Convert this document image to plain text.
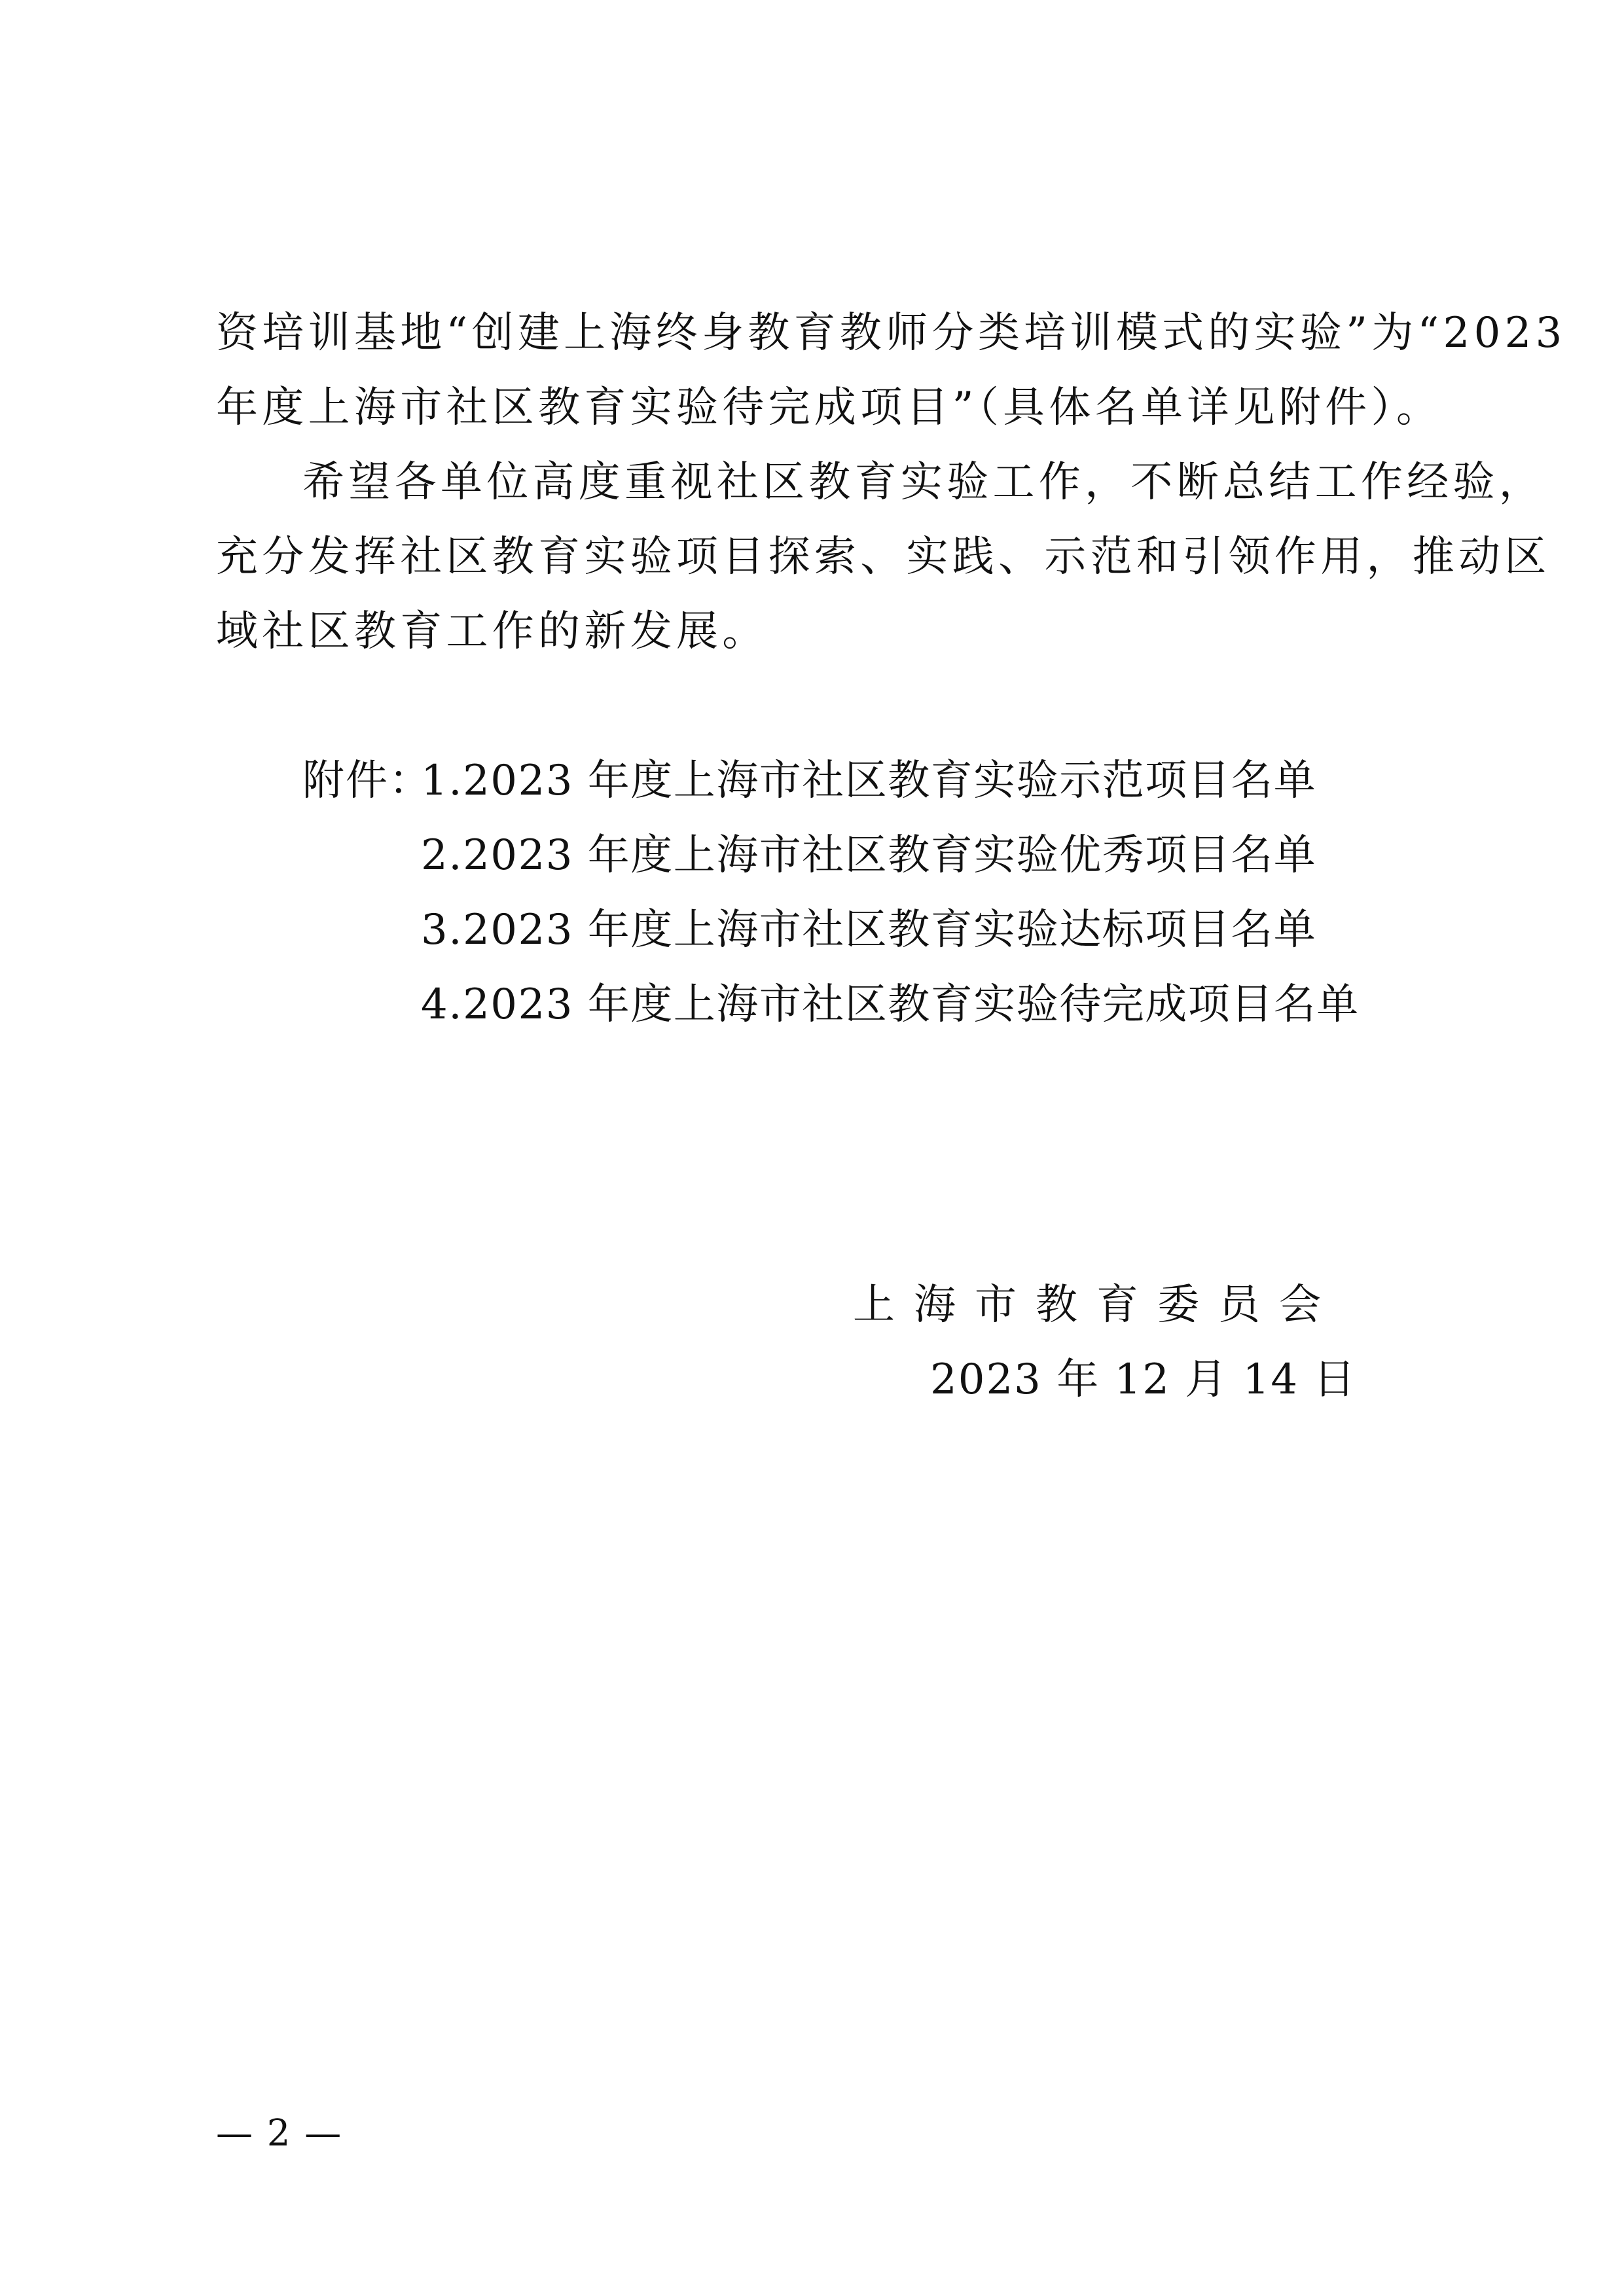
资培训基地“创建上海终身教育教师分类培训模式的实验”为“2023
年度上海市社区教育实验待完成项目”（具体名单详见附件）。
希望各单位高度重视社区教育实验工作，不断总结工作经验，
充分发挥社区教育实验项目探索、实践、示范和引领作用，推动区
域社区教育工作的新发展。
附件：
1.2023 年度上海市社区教育实验示范项目名单
2.2023 年度上海市社区教育实验优秀项目名单
3.2023 年度上海市社区教育实验达标项目名单
4.2023 年度上海市社区教育实验待完成项目名单
上海市教育委员会
2023 年 12 月 14 日
— 2 —
